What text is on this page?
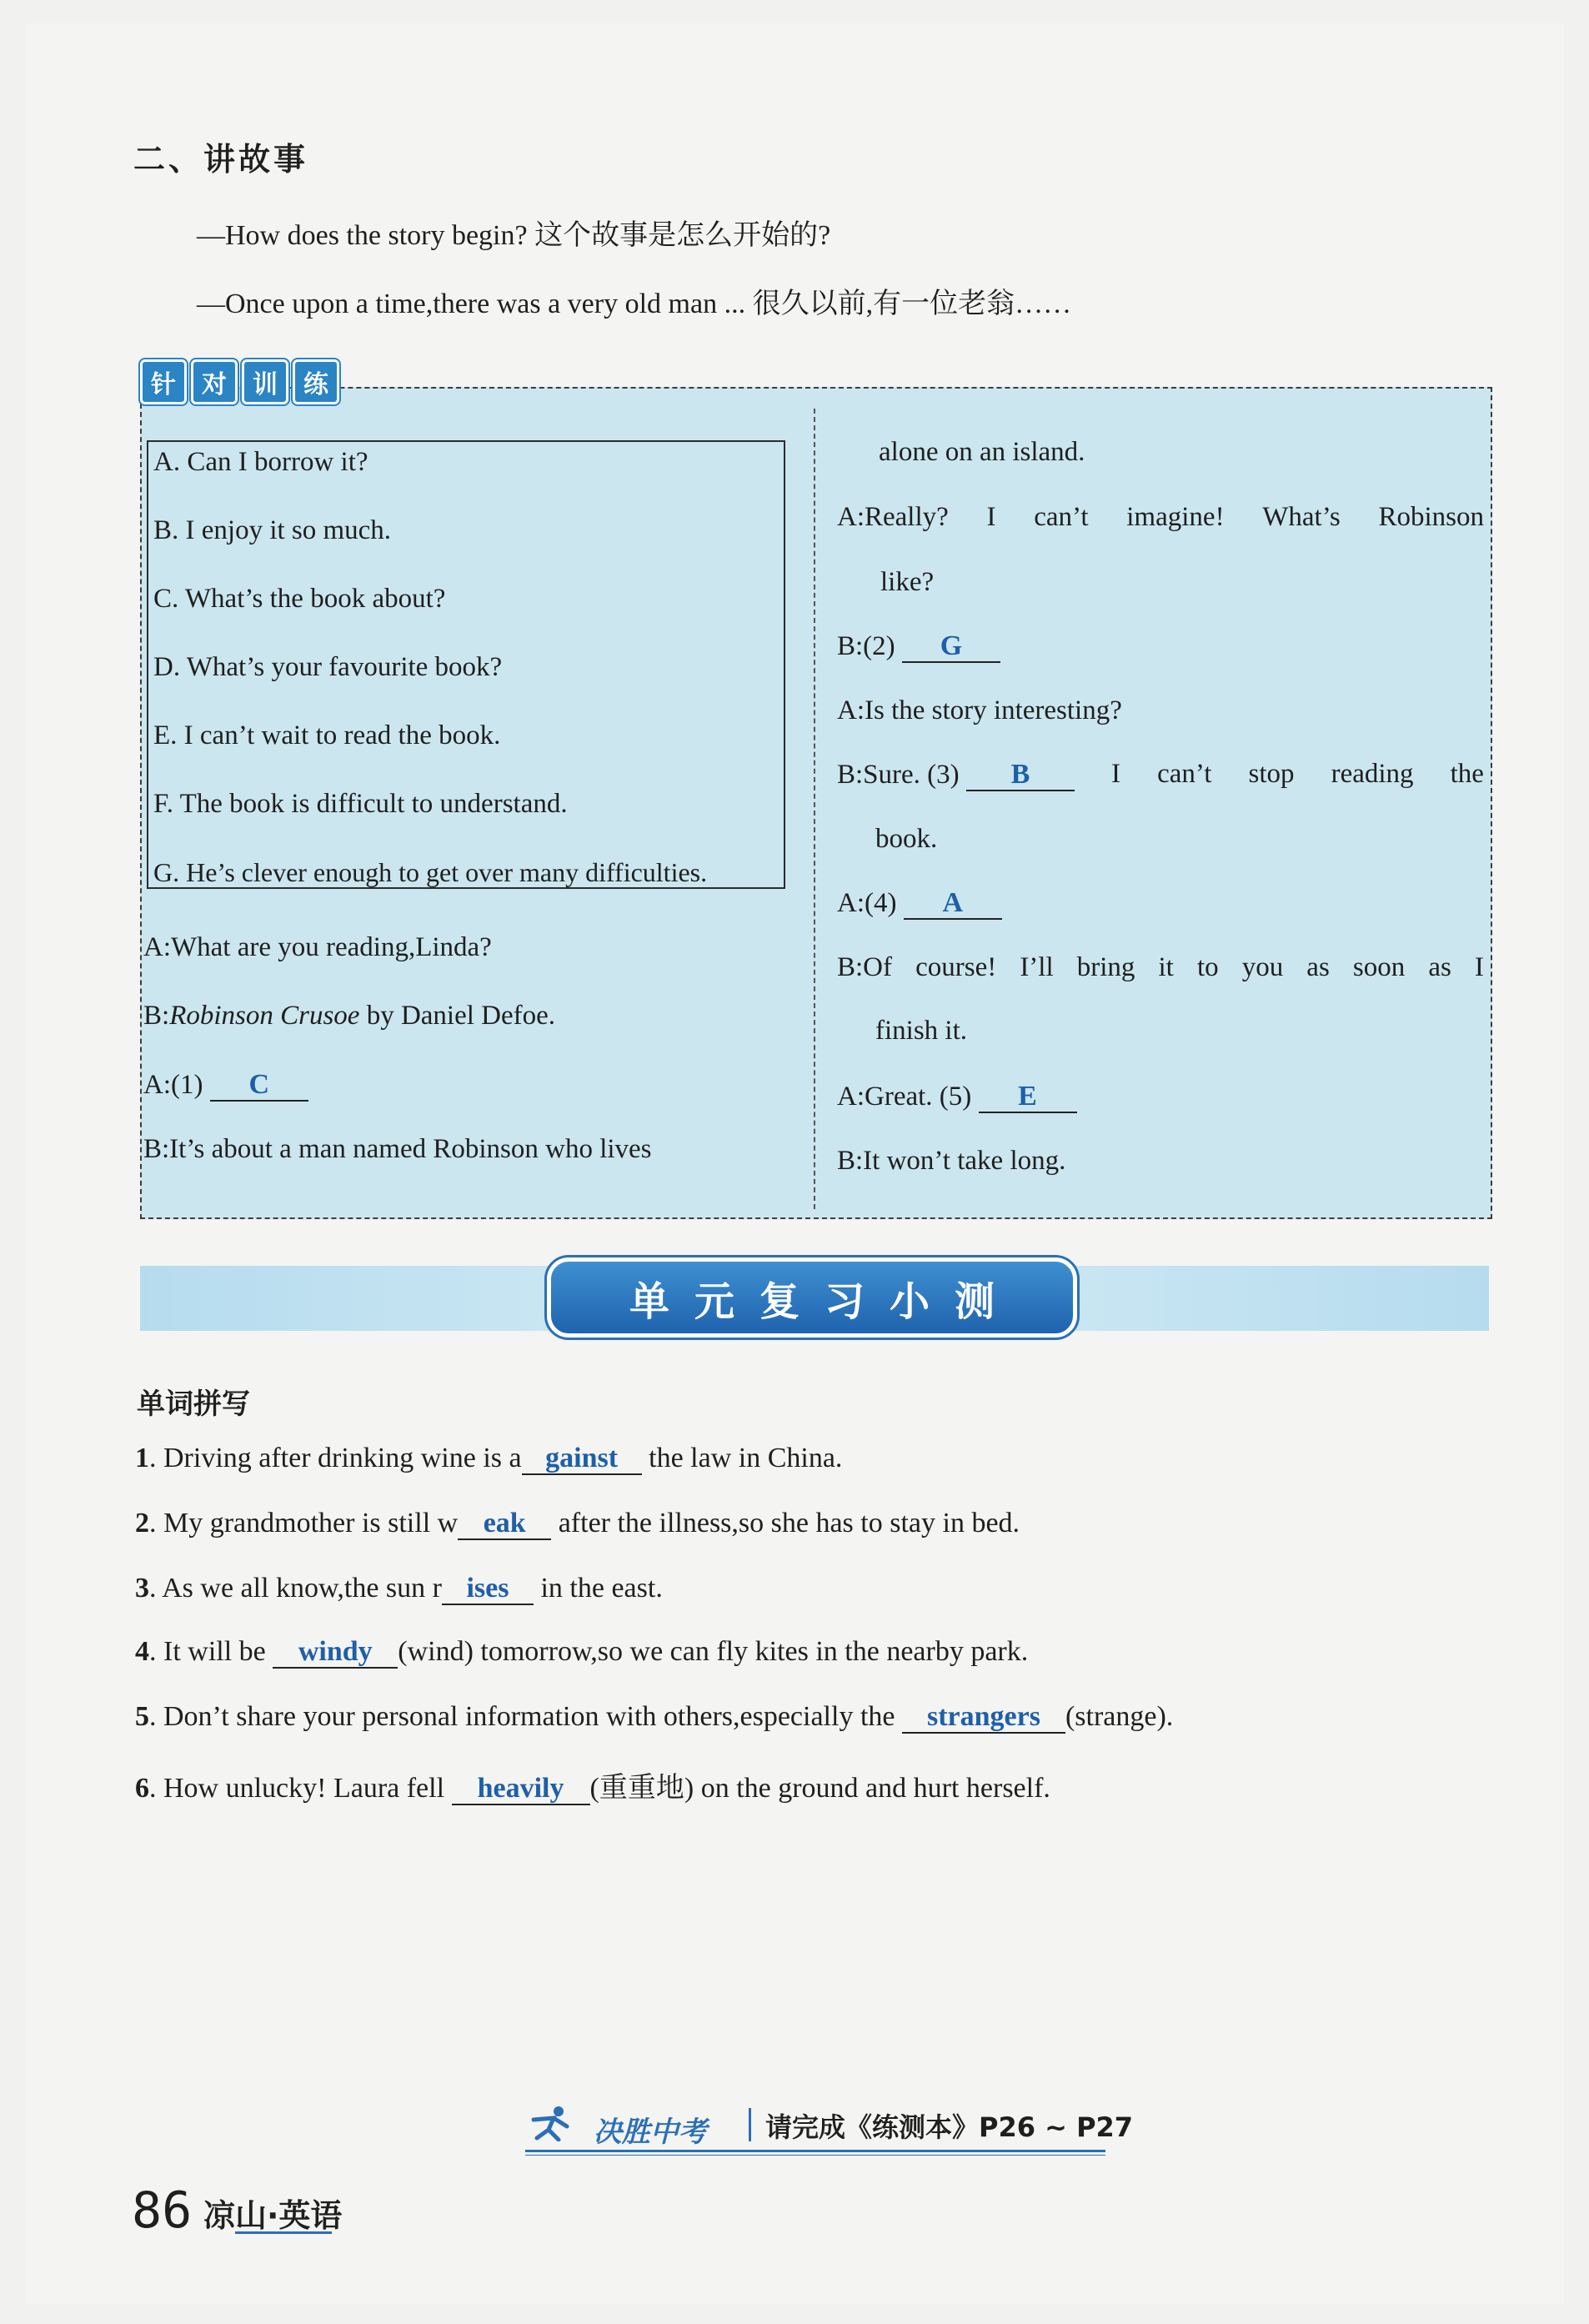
二、讲故事
—How does the story begin? 这个故事是怎么开始的?
—Once upon a time,there was a very old man ... 很久以前,有一位老翁……
针	对	训	练
A. Can I borrow it?
B. I enjoy it so much.
C. What’s the book about?
D. What’s your favourite book?
E. I can’t wait to read the book.
F. The book is difficult to understand.
G. He’s clever enough to get over many difficulties.
A:What are you reading,Linda?
B:Robinson Crusoe by Daniel Defoe.
A:(1) C
B:It’s about a man named Robinson who lives
alone on an island.
A:Really? I can’t imagine! What’s Robinson
like?
B:(2) G
A:Is the story interesting?
B:Sure. (3) B	I can’t stop reading the
book.
A:(4) A
B:Of course! I’ll bring it to you as soon as I
finish it.
A:Great. (5) E
B:It won’t take long.
单元复习小测
单词拼写
1. Driving after drinking wine is a gainst the law in China.
2. My grandmother is still w eak after the illness,so she has to stay in bed.
3. As we all know,the sun r ises in the east.
4. It will be windy (wind) tomorrow,so we can fly kites in the nearby park.
5. Don’t share your personal information with others,especially the strangers (strange).
6. How unlucky! Laura fell heavily (重重地) on the ground and hurt herself.
决胜中考 请完成《练测本》P26 ~ P27
86 凉山·英语
